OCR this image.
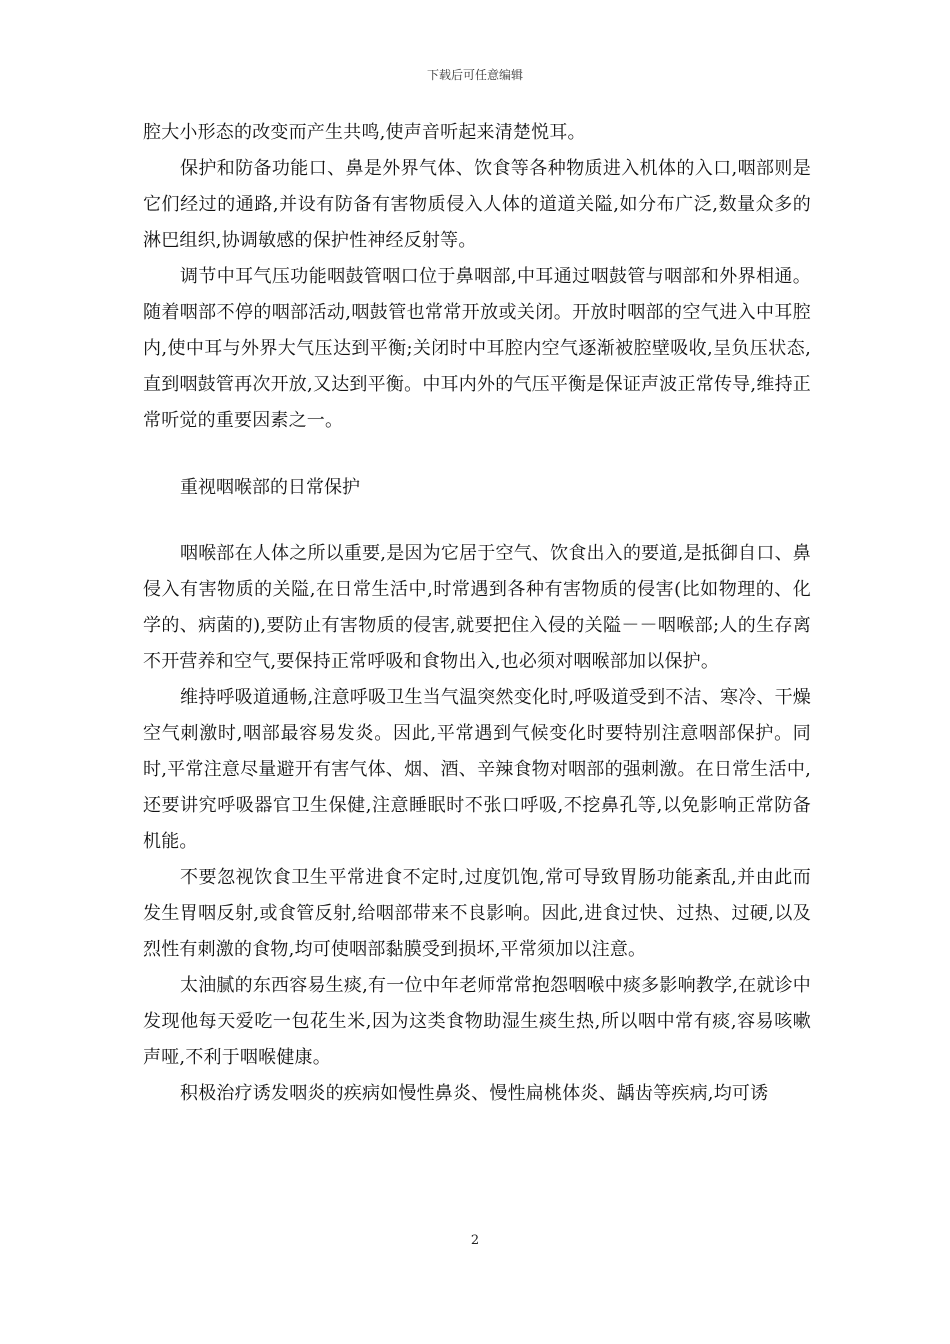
下载后可任意编辑

腔大小形态的改变而产生共鸣,使声音听起来清楚悦耳。

保护和防备功能口、鼻是外界气体、饮食等各种物质进入机体的入口,咽部则是它们经过的通路,并设有防备有害物质侵入人体的道道关隘,如分布广泛,数量众多的淋巴组织,协调敏感的保护性神经反射等。

调节中耳气压功能咽鼓管咽口位于鼻咽部,中耳通过咽鼓管与咽部和外界相通。随着咽部不停的咽部活动,咽鼓管也常常开放或关闭。开放时咽部的空气进入中耳腔内,使中耳与外界大气压达到平衡;关闭时中耳腔内空气逐渐被腔壁吸收,呈负压状态,直到咽鼓管再次开放,又达到平衡。中耳内外的气压平衡是保证声波正常传导,维持正常听觉的重要因素之一。

重视咽喉部的日常保护

咽喉部在人体之所以重要,是因为它居于空气、饮食出入的要道,是抵御自口、鼻侵入有害物质的关隘,在日常生活中,时常遇到各种有害物质的侵害(比如物理的、化学的、病菌的),要防止有害物质的侵害,就要把住入侵的关隘－－咽喉部;人的生存离不开营养和空气,要保持正常呼吸和食物出入,也必须对咽喉部加以保护。

维持呼吸道通畅,注意呼吸卫生当气温突然变化时,呼吸道受到不洁、寒冷、干燥空气刺激时,咽部最容易发炎。因此,平常遇到气候变化时要特别注意咽部保护。同时,平常注意尽量避开有害气体、烟、酒、辛辣食物对咽部的强刺激。在日常生活中,还要讲究呼吸器官卫生保健,注意睡眠时不张口呼吸,不挖鼻孔等,以免影响正常防备机能。

不要忽视饮食卫生平常进食不定时,过度饥饱,常可导致胃肠功能紊乱,并由此而发生胃咽反射,或食管反射,给咽部带来不良影响。因此,进食过快、过热、过硬,以及烈性有刺激的食物,均可使咽部黏膜受到损坏,平常须加以注意。

太油腻的东西容易生痰,有一位中年老师常常抱怨咽喉中痰多影响教学,在就诊中发现他每天爱吃一包花生米,因为这类食物助湿生痰生热,所以咽中常有痰,容易咳嗽声哑,不利于咽喉健康。

积极治疗诱发咽炎的疾病如慢性鼻炎、慢性扁桃体炎、龋齿等疾病,均可诱

2
